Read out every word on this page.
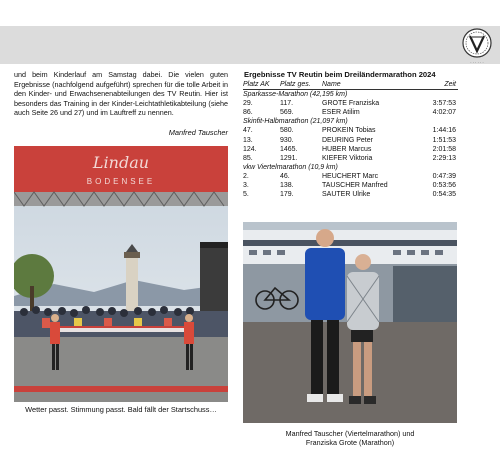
· · · · · ·
und beim Kinderlauf am Samstag dabei. Die vielen guten Ergebnisse (nachfolgend aufgeführt) sprechen für die tolle Arbeit in den Kinder- und Erwachsenenabteilungen des TV Reutin. Hier ist besonders das Training in der Kinder-Leichtathletikabteilung (siehe auch Seite 26 und 27) und im Lauftreff zu nennen.
Manfred Tauscher
Lindau
BODENSEE
Wetter passt. Stimmung passt. Bald fällt der Startschuss…
Ergebnisse TV Reutin beim Dreiländermarathon 2024
Platz AK Platz ges. Name	Zeit
Sparkasse-Marathon (42,195 km)
29.	117.	GROTE Franziska	3:57:53
86.	569.	ESER Atilim	4:02:07
Skinfit-Halbmarathon (21,097 km)
47.	580.	PROKEIN Tobias	1:44:16
13.	930.	DEURING Peter	1:51:53
124.	1465.	HUBER Marcus	2:01:58
85.	1291.	KIEFER Viktoria	2:29:13
vkw Viertelmarathon (10,9 km)
2.	46.	HEUCHERT Marc	0:47:39
3.	138.	TAUSCHER Manfred	0:53:56
5.	179.	SAUTER Ulrike	0:54:35
Manfred Tauscher (Viertelmarathon) und
Franziska Grote (Marathon)
